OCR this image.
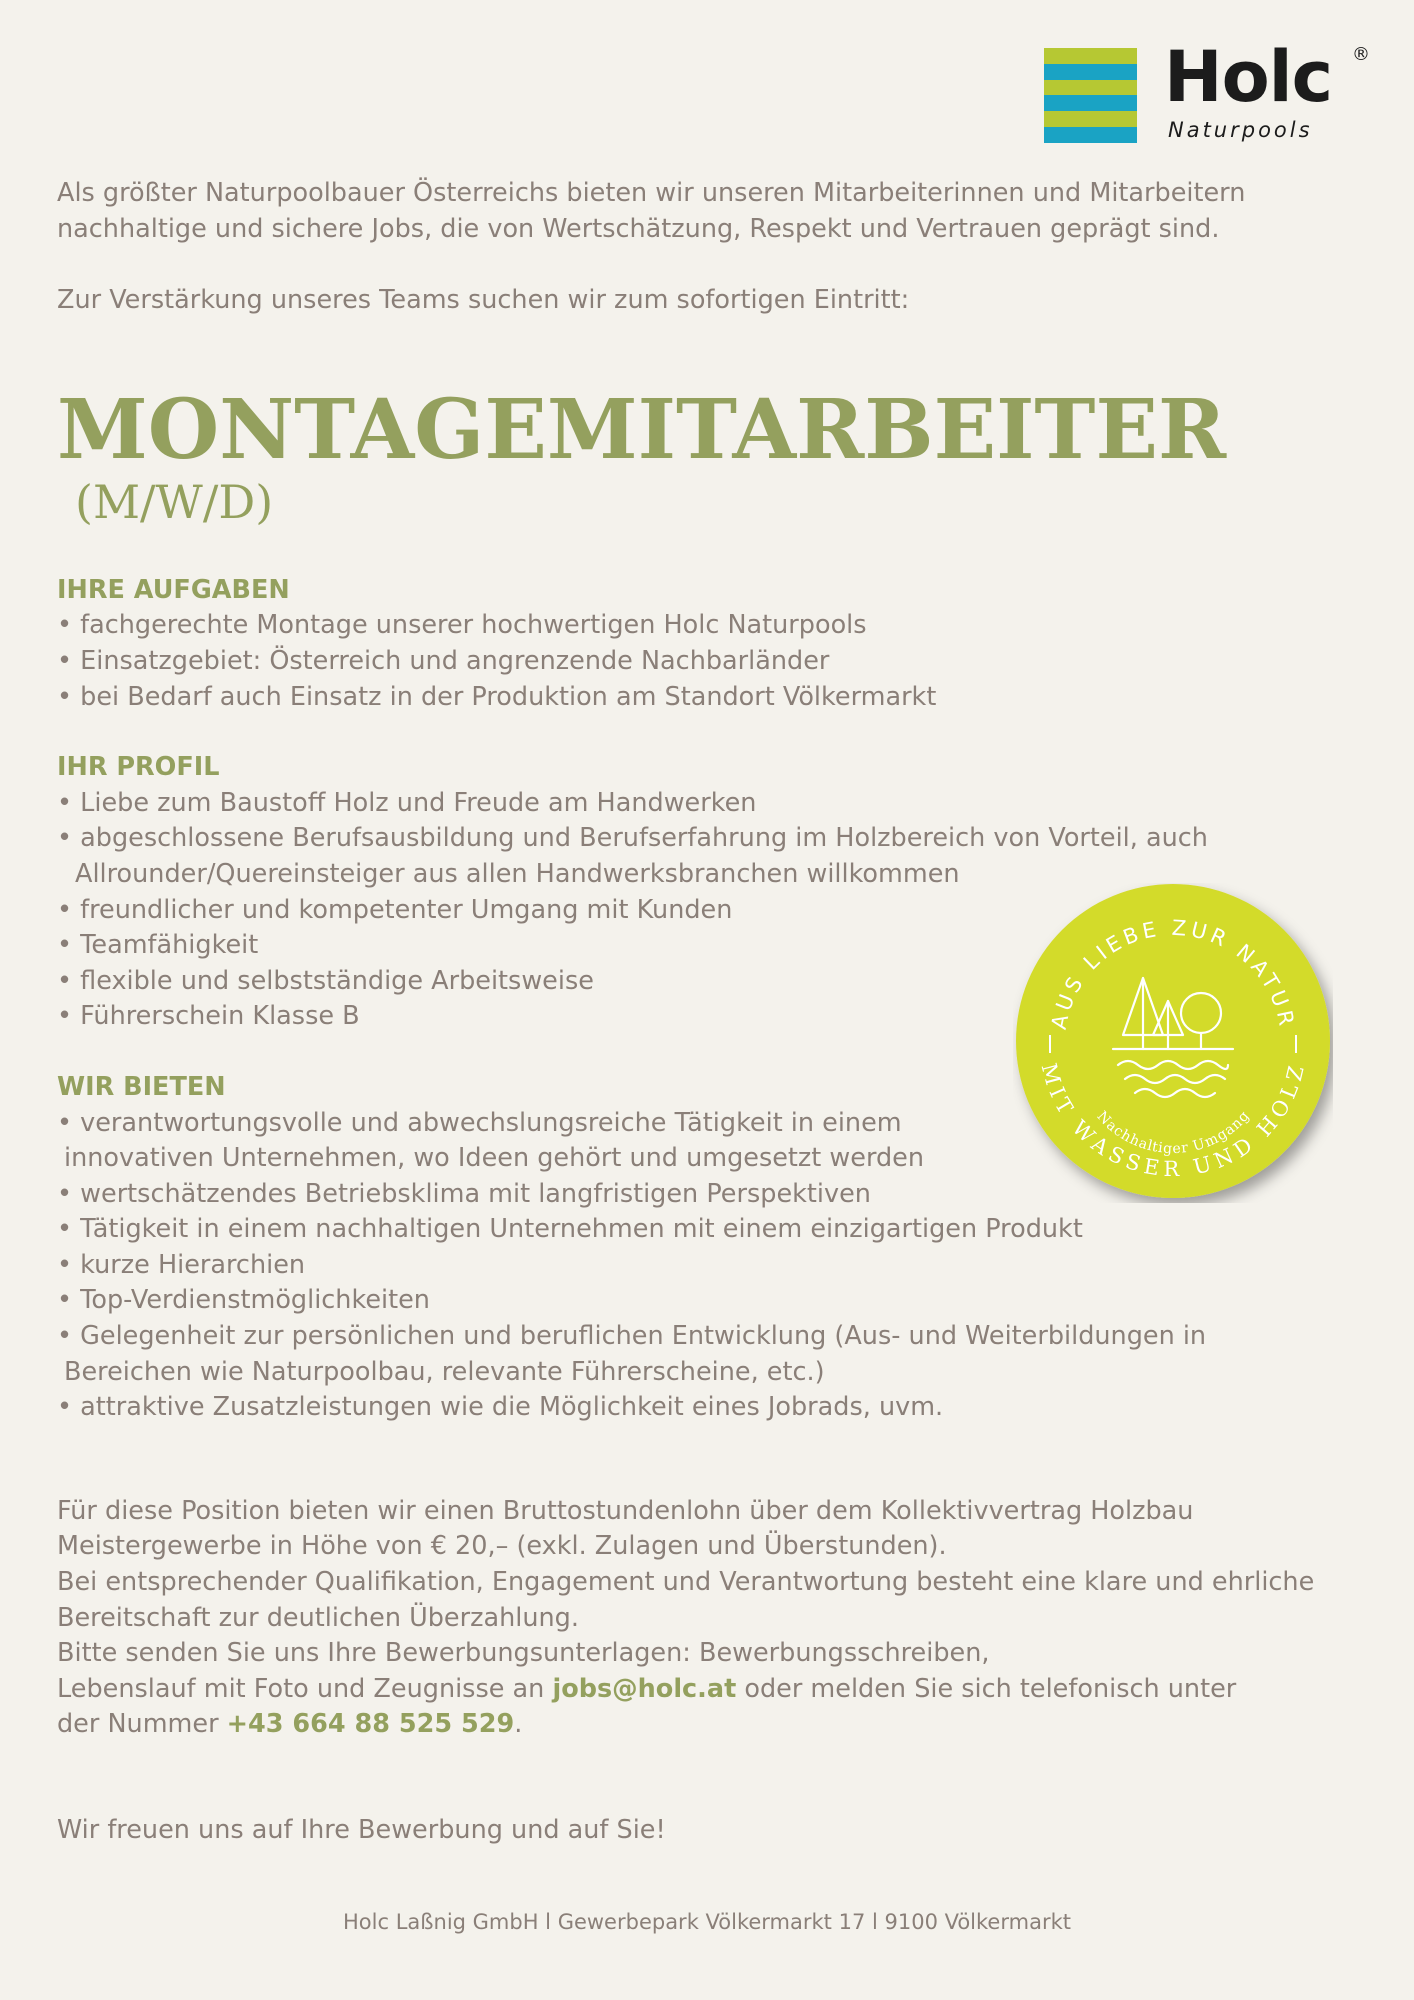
Holc ®
Naturpools

Als größter Naturpoolbauer Österreichs bieten wir unseren Mitarbeiterinnen und Mitarbeitern

nachhaltige und sichere Jobs, die von Wertschätzung, Respekt und Vertrauen geprägt sind.

Zur Verstärkung unseres Teams suchen wir zum sofortigen Eintritt:

MONTAGEMITARBEITER
(M/W/D)

IHRE AUFGABEN

• fachgerechte Montage unserer hochwertigen Holc Naturpools
• Einsatzgebiet: Österreich und angrenzende Nachbarländer
• bei Bedarf auch Einsatz in der Produktion am Standort Völkermarkt

IHR PROFIL

• Liebe zum Baustoff Holz und Freude am Handwerken
• abgeschlossene Berufsausbildung und Berufserfahrung im Holzbereich von Vorteil, auch
Allrounder/Quereinsteiger aus allen Handwerksbranchen willkommen
• freundlicher und kompetenter Umgang mit Kunden
• Teamfähigkeit
• flexible und selbstständige Arbeitsweise
• Führerschein Klasse B

WIR BIETEN

• verantwortungsvolle und abwechslungsreiche Tätigkeit in einem
innovativen Unternehmen, wo Ideen gehört und umgesetzt werden
• wertschätzendes Betriebsklima mit langfristigen Perspektiven
• Tätigkeit in einem nachhaltigen Unternehmen mit einem einzigartigen Produkt
• kurze Hierarchien
• Top-Verdienstmöglichkeiten
• Gelegenheit zur persönlichen und beruflichen Entwicklung (Aus- und Weiterbildungen in
Bereichen wie Naturpoolbau, relevante Führerscheine, etc.)
• attraktive Zusatzleistungen wie die Möglichkeit eines Jobrads, uvm.

Für diese Position bieten wir einen Bruttostundenlohn über dem Kollektivvertrag Holzbau

Meistergewerbe in Höhe von € 20,– (exkl. Zulagen und Überstunden).

Bei entsprechender Qualifikation, Engagement und Verantwortung besteht eine klare und ehrliche

Bereitschaft zur deutlichen Überzahlung.

Bitte senden Sie uns Ihre Bewerbungsunterlagen: Bewerbungsschreiben,

Lebenslauf mit Foto und Zeugnisse an jobs@holc.at oder melden Sie sich telefonisch unter

der Nummer +43 664 88 525 529.

Wir freuen uns auf Ihre Bewerbung und auf Sie!

AUS LIEBE ZUR NATUR
MIT WASSER UND HOLZ
Nachhaltiger Umgang
Holc Laßnig GmbH l Gewerbepark Völkermarkt 17 l 9100 Völkermarkt
